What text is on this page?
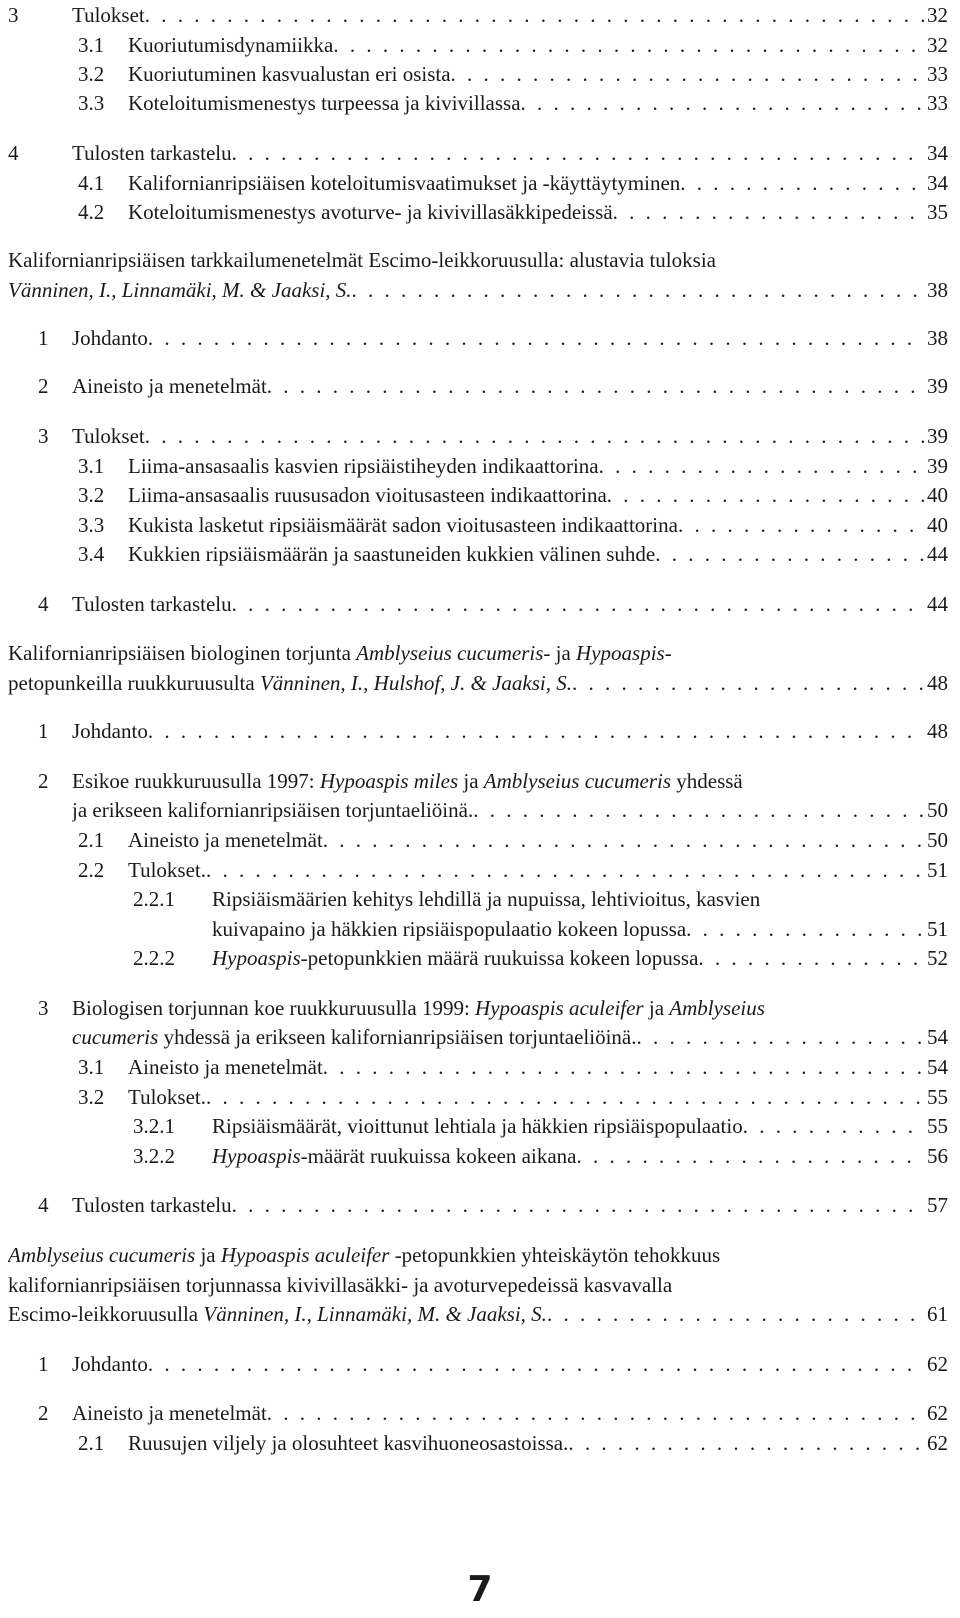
3	Tulokset . . .	32
3.1 Kuoriutumisdynamiikka . . .	32
3.2 Kuoriutuminen kasvualustan eri osista . . .	33
3.3 Koteloitumismenestys turpeessa ja kivivillassa . . .	33
4	Tulosten tarkastelu . . .	34
4.1 Kalifornianripsiäisen koteloitumisvaatimukset ja -käyttäytyminen . . .	34
4.2 Koteloitumismenestys avoturve- ja kivivillasäkkipedeissä . . .	35
Kalifornianripsiäisen tarkkailumenetelmät Escimo-leikkoruusulla: alustavia tuloksia
Vänninen, I., Linnamäki, M. & Jaaksi, S. . . .	38
1 Johdanto . . .	38
2 Aineisto ja menetelmät . . .	39
3 Tulokset . . .	39
3.1 Liima-ansasaalis kasvien ripsiäistiheyden indikaattorina . . .	39
3.2 Liima-ansasaalis ruususadon vioitusasteen indikaattorina . . .	40
3.3 Kukista lasketut ripsiäismäärät sadon vioitusasteen indikaattorina . . .	40
3.4 Kukkien ripsiäismäärän ja saastuneiden kukkien välinen suhde . . .	44
4 Tulosten tarkastelu . . .	44
Kalifornianripsiäisen biologinen torjunta Amblyseius cucumeris- ja Hypoaspis-
petopunkeilla ruukkuruusulta Vänninen, I., Hulshof, J. & Jaaksi, S. . . .	48
1 Johdanto . . .	48
2 Esikoe ruukkuruusulla 1997: Hypoaspis miles ja Amblyseius cucumeris yhdessä
ja erikseen kalifornianripsiäisen torjuntaeliöinä. . . .	50
2.1 Aineisto ja menetelmät . . .	50
2.2 Tulokset. . . .	51
2.2.1 Ripsiäismäärien kehitys lehdillä ja nupuissa, lehtivioitus, kasvien
kuivapaino ja häkkien ripsiäispopulaatio kokeen lopussa . . .	51
2.2.2 Hypoaspis-petopunkkien määrä ruukuissa kokeen lopussa . . .	52
3 Biologisen torjunnan koe ruukkuruusulla 1999: Hypoaspis aculeifer ja Amblyseius
cucumeris yhdessä ja erikseen kalifornianripsiäisen torjuntaeliöinä. . . .	54
3.1 Aineisto ja menetelmät . . .	54
3.2 Tulokset. . . .	55
3.2.1 Ripsiäismäärät, vioittunut lehtiala ja häkkien ripsiäispopulaatio . . .	55
3.2.2 Hypoaspis-määrät ruukuissa kokeen aikana . . .	56
4 Tulosten tarkastelu . . .	57
Amblyseius cucumeris ja Hypoaspis aculeifer -petopunkkien yhteiskäytön tehokkuus
kalifornianripsiäisen torjunnassa kivivillasäkki- ja avoturvepedeissä kasvavalla
Escimo-leikkoruusulla Vänninen, I., Linnamäki, M. & Jaaksi, S. . . .	61
1 Johdanto . . .	62
2 Aineisto ja menetelmät . . .	62
2.1 Ruusujen viljely ja olosuhteet kasvihuoneosastoissa. . . .	62
7
